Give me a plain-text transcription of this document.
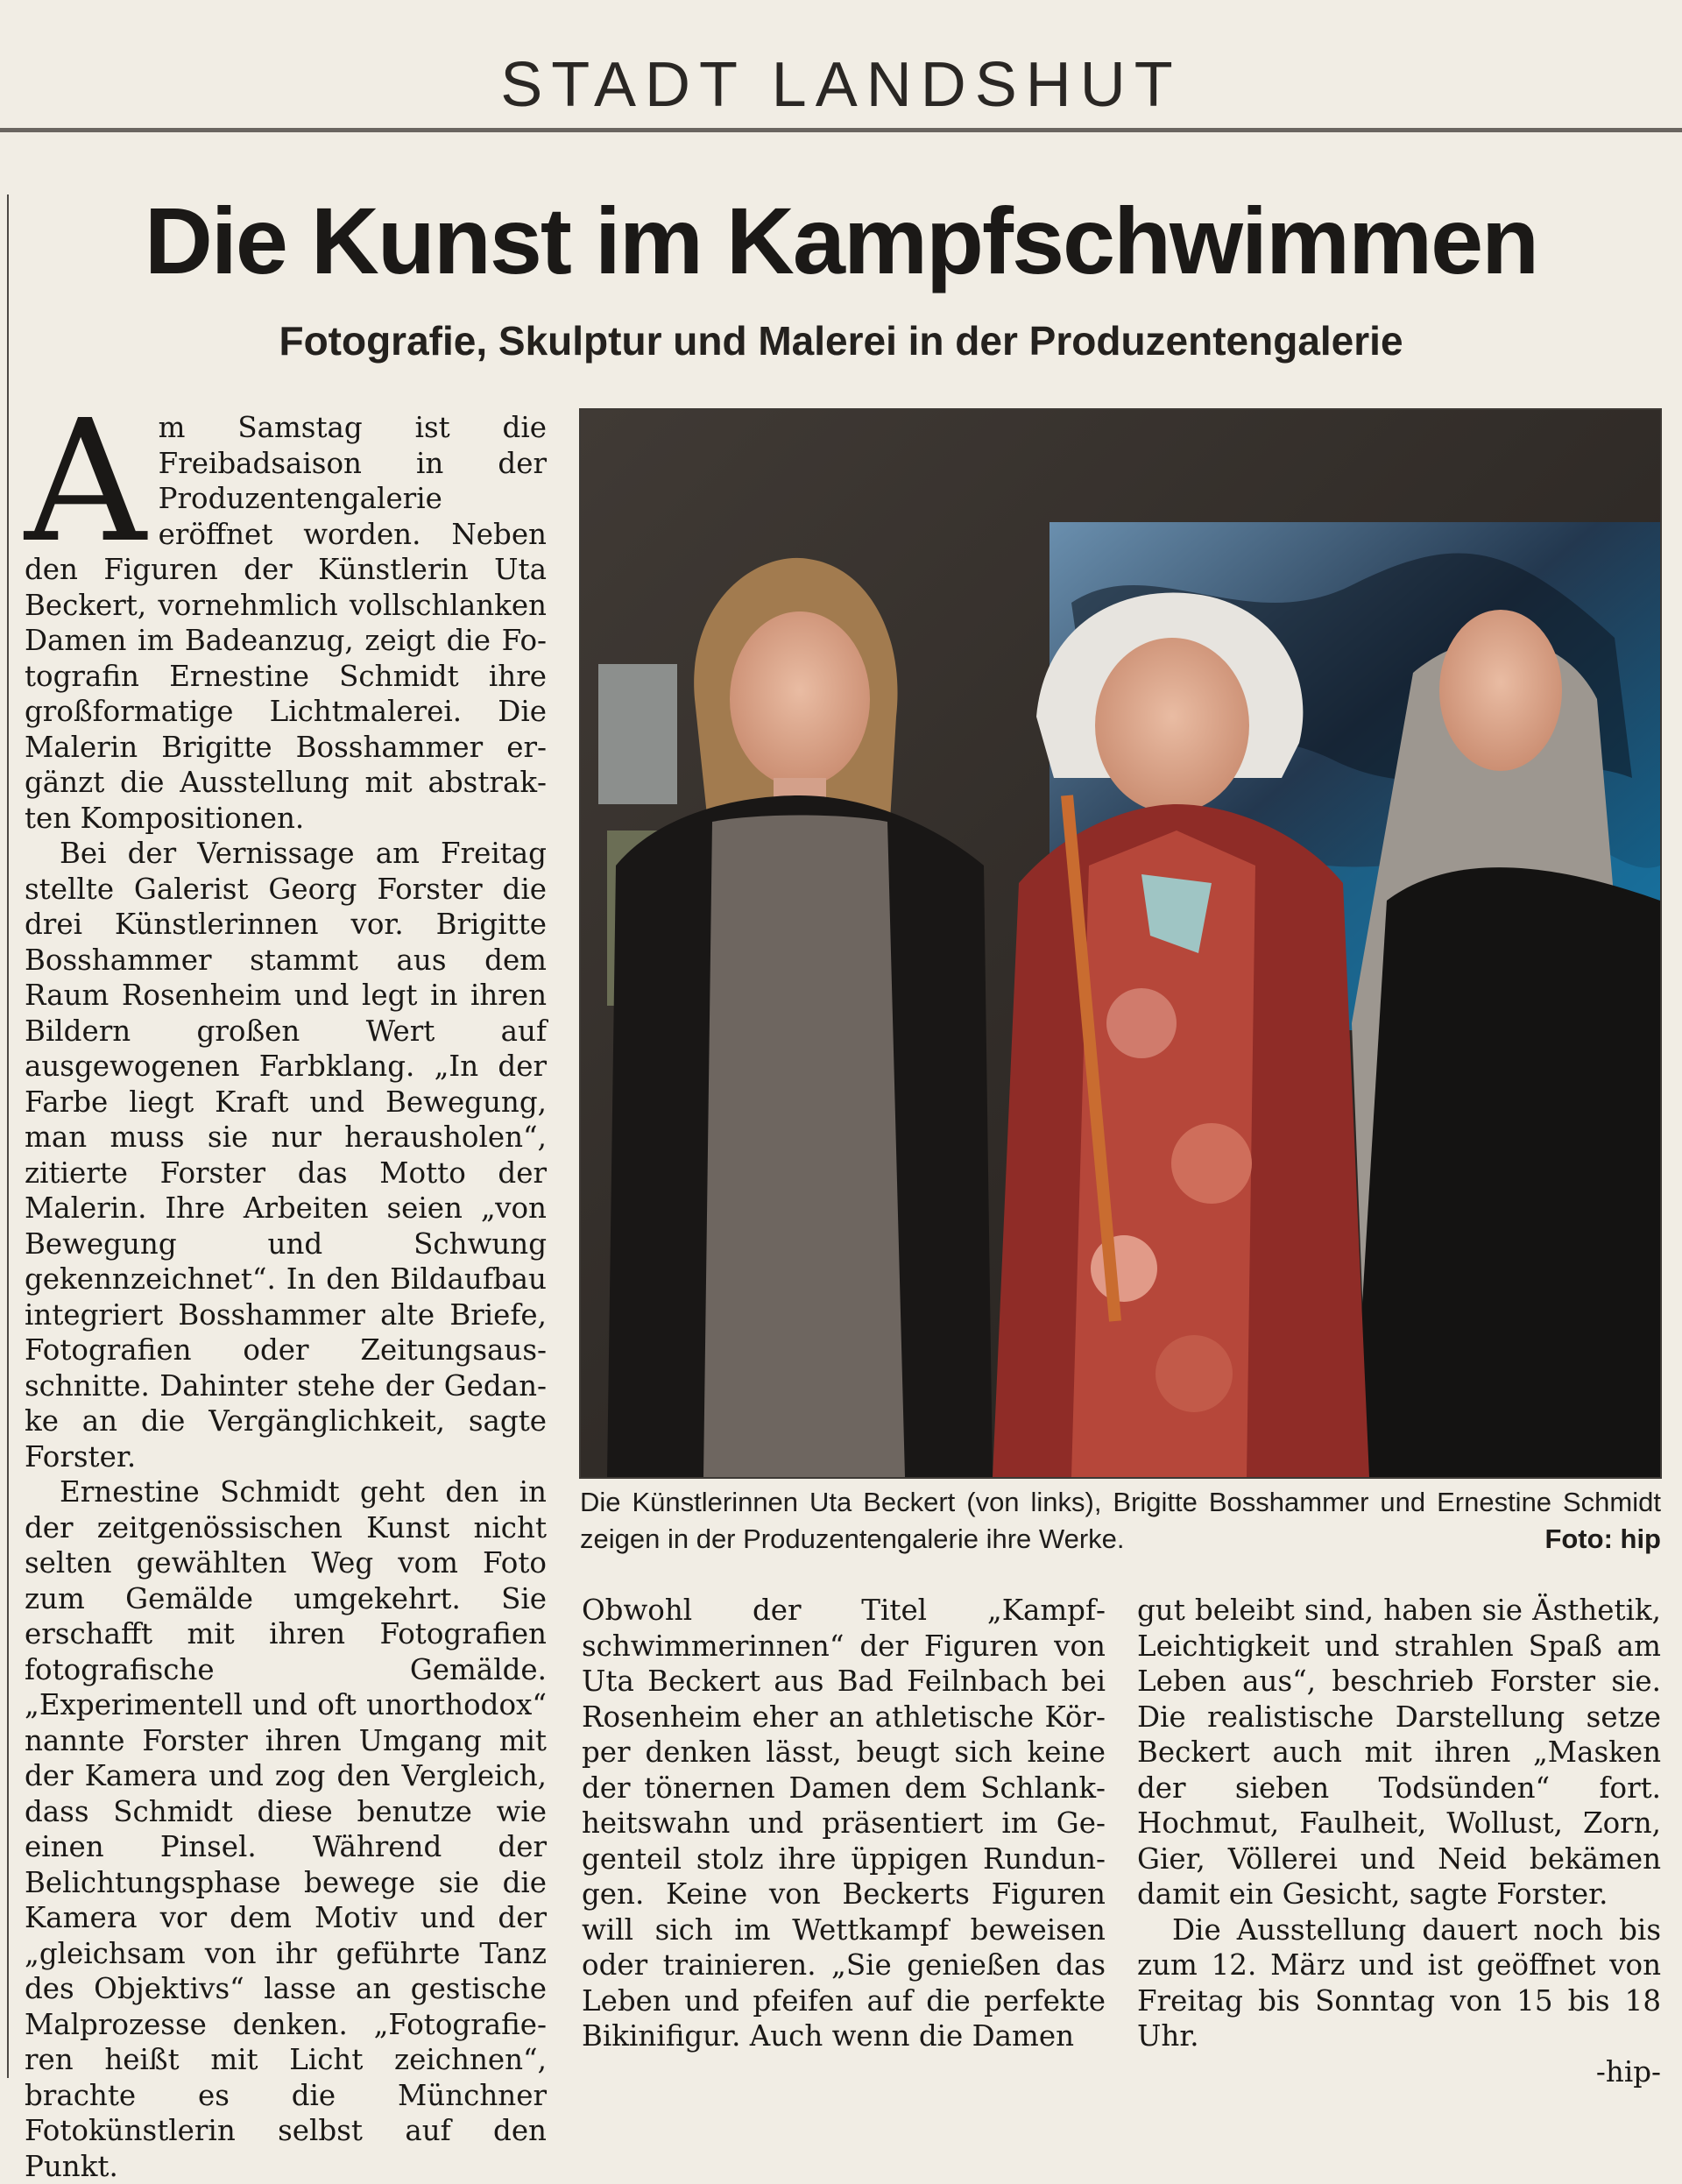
STADT LANDSHUT
Die Kunst im Kampfschwimmen
Fotografie, Skulptur und Malerei in der Produzentengalerie

Am Samstag ist die Freibadsaison in der Produzentengalerie eröffnet worden. Neben den Figuren der Künstlerin Uta Beckert, vornehmlich vollschlanken Damen im Badeanzug, zeigt die Fotografin Ernestine Schmidt ihre großformatige Lichtmalerei. Die Malerin Brigitte Bosshammer ergänzt die Ausstellung mit abstrakten Kompositionen.

Bei der Vernissage am Freitag stellte Galerist Georg Forster die drei Künstlerinnen vor. Brigitte Bosshammer stammt aus dem Raum Rosenheim und legt in ihren Bildern großen Wert auf ausgewogenen Farbklang. „In der Farbe liegt Kraft und Bewegung, man muss sie nur herausholen“, zitierte Forster das Motto der Malerin. Ihre Arbeiten seien „von Bewegung und Schwung gekennzeichnet“. In den Bildaufbau integriert Bosshammer alte Briefe, Fotografien oder Zeitungsausschnitte. Dahinter stehe der Gedanke an die Vergänglichkeit, sagte Forster.

Ernestine Schmidt geht den in der zeitgenössischen Kunst nicht selten gewählten Weg vom Foto zum Gemälde umgekehrt. Sie erschafft mit ihren Fotografien fotografische Gemälde. „Experimentell und oft unorthodox“ nannte Forster ihren Umgang mit der Kamera und zog den Vergleich, dass Schmidt diese benutze wie einen Pinsel. Während der Belichtungsphase bewege sie die Kamera vor dem Motiv und der „gleichsam von ihr geführte Tanz des Objektivs“ lasse an gestische Malprozesse denken. „Fotografieren heißt mit Licht zeichnen“, brachte es die Münchner Fotokünstlerin selbst auf den Punkt.

Die Künstlerinnen Uta Beckert (von links), Brigitte Bosshammer und Ernestine Schmidt zeigen in der Produzentengalerie ihre Werke.	Foto: hip

Obwohl der Titel „Kampfschwimmerinnen“ der Figuren von Uta Beckert aus Bad Feilnbach bei Rosenheim eher an athletische Körper denken lässt, beugt sich keine der tönernen Damen dem Schlankheitswahn und präsentiert im Gegenteil stolz ihre üppigen Rundungen. Keine von Beckerts Figuren will sich im Wettkampf beweisen oder trainieren. „Sie genießen das Leben und pfeifen auf die perfekte Bikinifigur. Auch wenn die Damen

gut beleibt sind, haben sie Ästhetik, Leichtigkeit und strahlen Spaß am Leben aus“, beschrieb Forster sie. Die realistische Darstellung setze Beckert auch mit ihren „Masken der sieben Todsünden“ fort. Hochmut, Faulheit, Wollust, Zorn, Gier, Völlerei und Neid bekämen damit ein Gesicht, sagte Forster.

Die Ausstellung dauert noch bis zum 12. März und ist geöffnet von Freitag bis Sonntag von 15 bis 18 Uhr.

-hip-
